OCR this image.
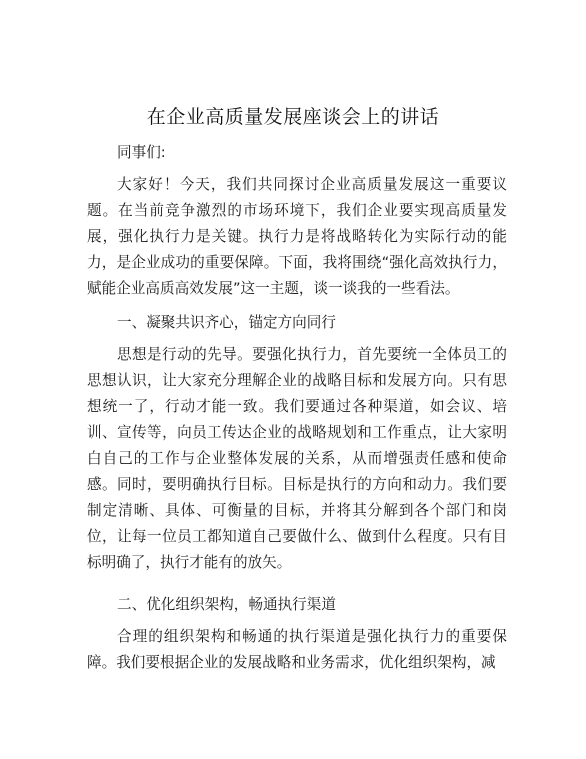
在企业高质量发展座谈会上的讲话

同事们:

大家好！今天，我们共同探讨企业高质量发展这一重要议题。在当前竞争激烈的市场环境下，我们企业要实现高质量发展，强化执行力是关键。执行力是将战略转化为实际行动的能力，是企业成功的重要保障。下面，我将围绕“强化高效执行力，赋能企业高质高效发展”这一主题，谈一谈我的一些看法。

一、凝聚共识齐心，锚定方向同行

思想是行动的先导。要强化执行力，首先要统一全体员工的思想认识，让大家充分理解企业的战略目标和发展方向。只有思想统一了，行动才能一致。我们要通过各种渠道，如会议、培训、宣传等，向员工传达企业的战略规划和工作重点，让大家明白自己的工作与企业整体发展的关系，从而增强责任感和使命感。同时，要明确执行目标。目标是执行的方向和动力。我们要制定清晰、具体、可衡量的目标，并将其分解到各个部门和岗位，让每一位员工都知道自己要做什么、做到什么程度。只有目标明确了，执行才能有的放矢。

二、优化组织架构，畅通执行渠道

合理的组织架构和畅通的执行渠道是强化执行力的重要保障。我们要根据企业的发展战略和业务需求，优化组织架构，减
